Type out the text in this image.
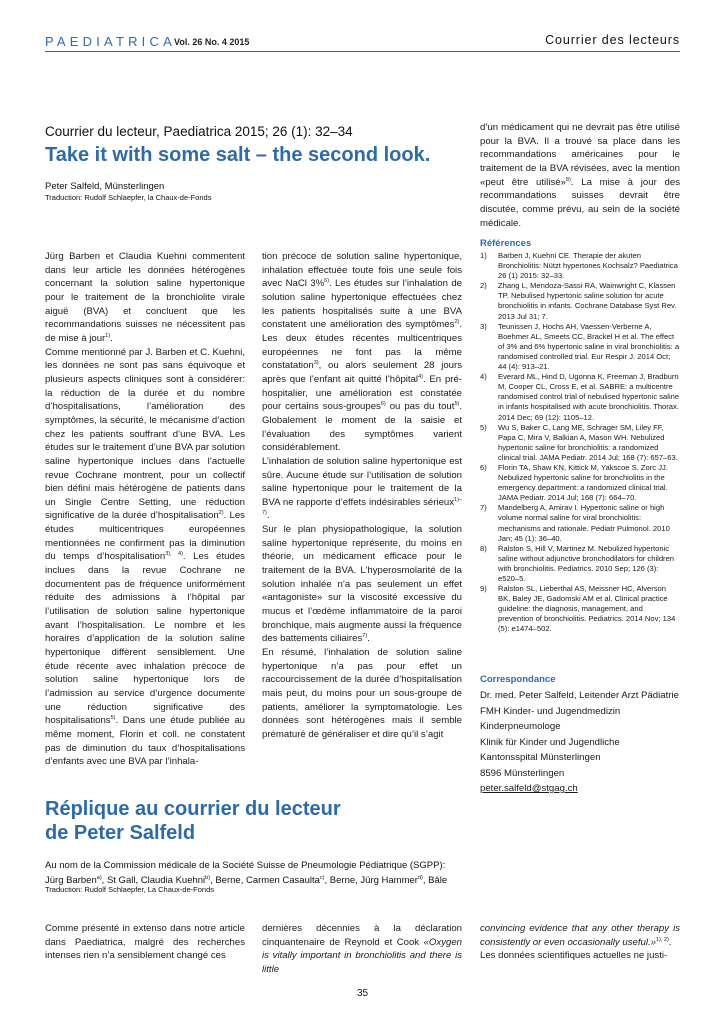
PAEDIATRICA
Vol. 26 No. 4 2015	Courrier des lecteurs
Courrier du lecteur, Paediatrica 2015; 26 (1): 32–34
Take it with some salt – the second look.
Peter Salfeld, Münsterlingen
Traduction: Rudolf Schlaepfer, la Chaux-de-Fonds

Jürg Barben et Claudia Kuehni commentent dans leur article les données hétérogènes concernant la solution saline hypertonique pour le traitement de la bronchiolite virale aiguë (BVA) et concluent que les recommandations suisses ne nécessitent pas de mise à jour$^{1)}$.

Comme mentionné par J. Barben et C. Kuehni, les données ne sont pas sans équivoque et plusieurs aspects cliniques sont à considérer: la réduction de la durée et du nombre d’hospitalisations, l’amélioration des symptômes, la sécurité, le mécanisme d’action chez les patients souffrant d’une BVA. Les études sur le traitement d’une BVA par solution saline hypertonique inclues dans l’actuelle revue Cochrane montrent, pour un collectif bien défini mais hétérogène de patients dans un Single Centre Setting, une réduction significative de la durée d’hospitalisation$^{2)}$. Les études multicentriques européennes mentionnées ne confirment pas la diminution du temps d’hospitalisation$^{3), 4)}$. Les études inclues dans la revue Cochrane ne documentent pas de fréquence uniformément réduite des admissions à l’hôpital par l’utilisation de solution saline hypertonique avant l’hospitalisation. Le nombre et les horaires d’application de la solution saline hypertonique diffèrent sensiblement. Une étude récente avec inhalation précoce de solution saline hypertonique lors de l’admission au service d’urgence documente une réduction significative des hospitalisations$^{5)}$. Dans une étude publiée au même moment, Florin et coll. ne constatent pas de diminution du taux d’hospitalisations d’enfants avec une BVA par l’inhala-

tion précoce de solution saline hypertonique, inhalation effectuée toute fois une seule fois avec NaCl 3%$^{6)}$. Les études sur l’inhalation de solution saline hypertonique effectuées chez les patients hospitalisés suite à une BVA constatent une amélioration des symptômes$^{2)}$. Les deux études récentes multicentriques européennes ne font pas la même constatation$^{3)}$, ou alors seulement 28 jours après que l’enfant ait quitté l’hôpital$^{4)}$. En pré-hospitalier, une amélioration est constatée pour certains sous-groupes$^{6)}$ ou pas du tout$^{5)}$. Globalement le moment de la saisie et l’évaluation des symptômes varient considérablement.

L’inhalation de solution saline hypertonique est sûre. Aucune étude sur l’utilisation de solution saline hypertonique pour le traitement de la BVA ne rapporte d’effets indésirables sérieux$^{1)-7)}$.

Sur le plan physiopathologique, la solution saline hypertonique représente, du moins en théorie, un médicament efficace pour le traitement de la BVA. L’hyperosmolarité de la solution inhalée n’a pas seulement un effet «antagoniste» sur la viscosité excessive du mucus et l’œdème inflammatoire de la paroi bronchique, mais augmente aussi la fréquence des battements ciliaires$^{7)}$.

En résumé, l’inhalation de solution saline hypertonique n’a pas pour effet un raccourcissement de la durée d’hospitalisation mais peut, du moins pour un sous-groupe de patients, améliorer la symptomatologie. Les données sont hétérogènes mais il semble prématuré de généraliser et dire qu’il s’agit

d’un médicament qui ne devrait pas être utilisé pour la BVA. Il a trouvé sa place dans les recommandations américaines pour le traitement de la BVA révisées, avec la mention «peut être utilisé»$^{8)}$. La mise à jour des recommandations suisses devrait être discutée, comme prévu, au sein de la société médicale.

Références
1) Barben J, Kuehni CE. Therapie der akuten Bronchiolitis: Nützt hypertones Kochsalz? Paediatrica 26 (1) 2015: 32–33.
2) Zhang L, Mendoza-Sassi RA, Wainwright C, Klassen TP. Nebulised hypertonic saline solution for acute bronchiolitis in infants. Cochrane Database Syst Rev. 2013 Jul 31; 7.
3) Teunissen J, Hochs AH, Vaessen-Verberne A, Boehmer AL, Smeets CC, Brackel H et al. The effect of 3% and 6% hypertonic saline in viral bronchiolitis: a randomised controlled trial. Eur Respir J. 2014 Oct; 44 (4): 913–21.
4) Everard ML, Hind D, Ugonna K, Freeman J, Bradburn M, Cooper CL, Cross E, et al. SABRE: a multicentre randomised control trial of nebulised hypertonic saline in infants hospitalised with acute bronchiolitis. Thorax. 2014 Dec; 69 (12): 1105–12.
5) Wu S, Baker C, Lang ME, Schrager SM, Liley FF, Papa C, Mira V, Balkian A, Mason WH. Nebulized hypertonic saline for bronchiolitis: a randomized clinical trial. JAMA Pediatr. 2014 Jul; 168 (7): 657–63.
6) Florin TA, Shaw KN, Kittick M, Yakscoe S, Zorc JJ. Nebulized hypertonic saline for bronchiolitis in the emergency department: a randomized clinical trial. JAMA Pediatr. 2014 Jul; 168 (7): 664–70.
7) Mandelberg A, Amirav I. Hypertonic saline or high volume normal saline for viral bronchiolitis: mechanisms and rationale. Pediatr Pulmonol. 2010 Jan; 45 (1): 36–40.
8) Ralston S, Hill V, Martinez M. Nebulized hypertonic saline without adjunctive bronchodilators for children with bronchiolitis. Pediatrics. 2010 Sep; 126 (3): e520–5.
9) Ralston SL, Lieberthal AS, Meissner HC, Alverson BK, Baley JE, Gadomski AM et al. Clinical practice guideline: the diagnosis, management, and prevention of bronchiolitis. Pediatrics. 2014 Nov; 134 (5): e1474–502.
Correspondance
Dr. med. Peter Salfeld, Leitender Arzt Pädiatrie
FMH Kinder- und Jugendmedizin
Kinderpneumologe
Klinik für Kinder und Jugendliche
Kantonsspital Münsterlingen
8596 Münsterlingen
peter.salfeld@stgag.ch
Réplique au courrier du lecteur
de Peter Salfeld
Au nom de la Commission médicale de la Société Suisse de Pneumologie Pédiatrique (SGPP):
Jürg Barben$^{a)}$, St Gall, Claudia Kuehni$^{b)}$, Berne, Carmen Casaulta$^{c)}$, Berne, Jürg Hammer$^{d)}$, Bâle
Traduction: Rudolf Schlaepfer, La Chaux-de-Fonds

Comme présenté in extenso dans notre article dans Paediatrica, malgré des recherches intenses rien n’a sensiblement changé ces

dernières décennies à la déclaration cinquantenaire de Reynold et Cook «Oxygen is vitally important in bronchiolitis and there is little

convincing evidence that any other therapy is consistently or even occasionally useful.»$^{1), 2)}$.

Les données scientifiques actuelles ne justi-

35
